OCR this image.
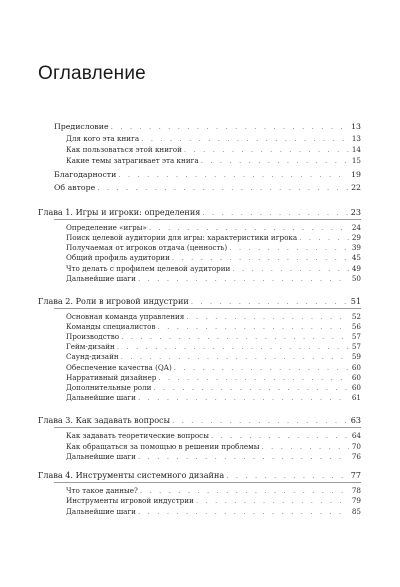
Оглавление
Предисловие . . .	13
Для кого эта книга . . .	13
Как пользоваться этой книгой . . .	14
Какие темы затрагивает эта книга . . .	15
Благодарности . . .	19
Об авторе . . .	22
Глава 1. Игры и игроки: определения . . .	23
Определение «игры» . . .	24
Поиск целевой аудитории для игры: характеристики игрока . . .	29
Получаемая от игроков отдача (ценность) . . .	39
Общий профиль аудитории . . .	45
Что делать с профилем целевой аудитории . . .	49
Дальнейшие шаги . . .	50
Глава 2. Роли в игровой индустрии . . .	51
Основная команда управления . . .	52
Команды специалистов . . .	56
Производство . . .	57
Гейм-дизайн . . .	57
Саунд-дизайн . . .	59
Обеспечение качества (QA) . . .	60
Нарративный дизайнер . . .	60
Дополнительные роли . . .	60
Дальнейшие шаги . . .	61
Глава 3. Как задавать вопросы . . .	63
Как задавать теоретические вопросы . . .	64
Как обращаться за помощью в решении проблемы . . .	70
Дальнейшие шаги . . .	76
Глава 4. Инструменты системного дизайна . . .	77
Что такое данные? . . .	78
Инструменты игровой индустрии . . .	79
Дальнейшие шаги . . .	85
